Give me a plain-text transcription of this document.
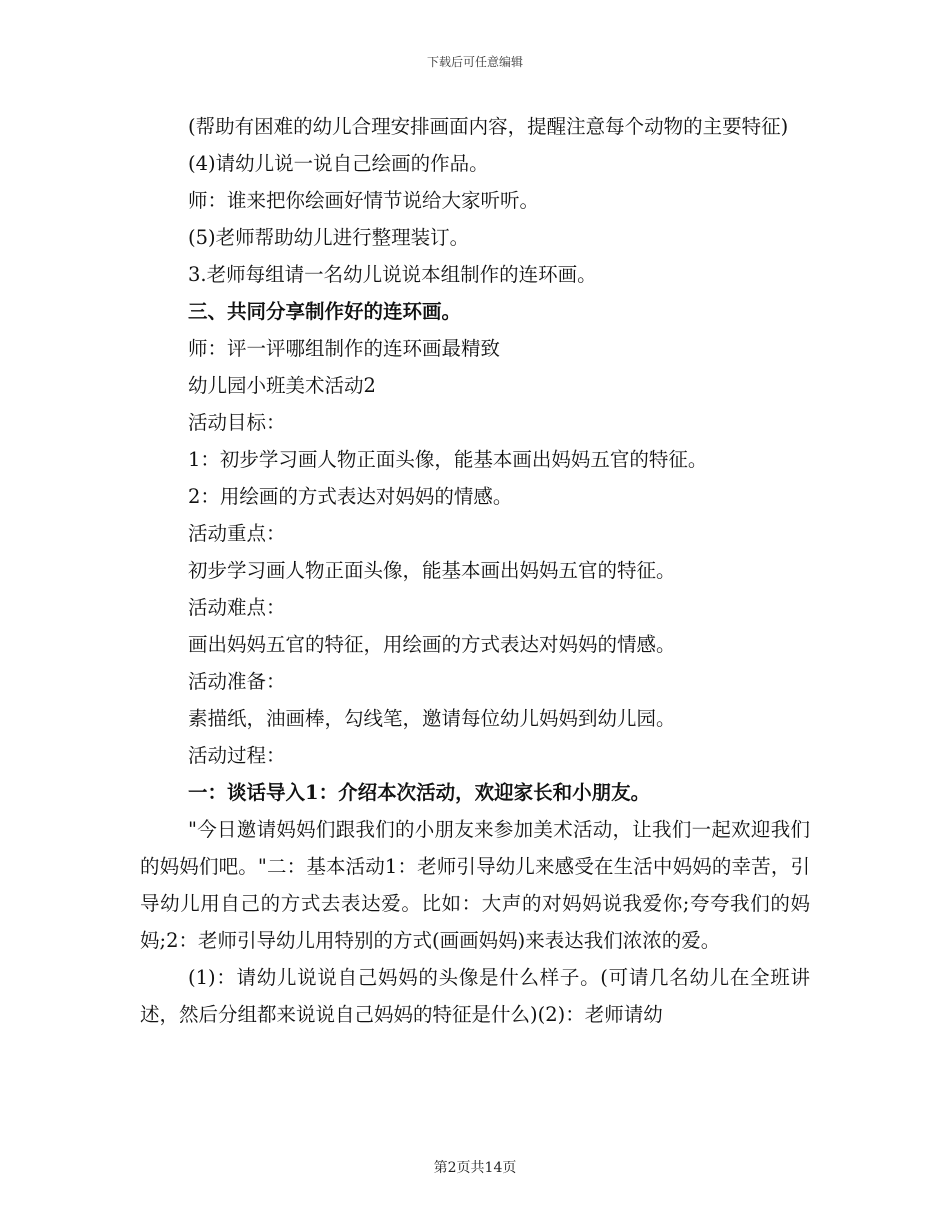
下载后可任意编辑
(帮助有困难的幼儿合理安排画面内容，提醒注意每个动物的主要特征)
(4)请幼儿说一说自己绘画的作品。
师：谁来把你绘画好情节说给大家听听。
(5)老师帮助幼儿进行整理装订。
3.老师每组请一名幼儿说说本组制作的连环画。
三、共同分享制作好的连环画。
师：评一评哪组制作的连环画最精致
幼儿园小班美术活动2
活动目标：
1：初步学习画人物正面头像，能基本画出妈妈五官的特征。
2：用绘画的方式表达对妈妈的情感。
活动重点：
初步学习画人物正面头像，能基本画出妈妈五官的特征。
活动难点：
画出妈妈五官的特征，用绘画的方式表达对妈妈的情感。
活动准备：
素描纸，油画棒，勾线笔，邀请每位幼儿妈妈到幼儿园。
活动过程：
一：谈话导入1：介绍本次活动，欢迎家长和小朋友。
"今日邀请妈妈们跟我们的小朋友来参加美术活动，让我们一起欢迎我们的妈妈们吧。"二：基本活动1：老师引导幼儿来感受在生活中妈妈的幸苦，引导幼儿用自己的方式去表达爱。比如：大声的对妈妈说我爱你;夸夸我们的妈妈;2：老师引导幼儿用特别的方式(画画妈妈)来表达我们浓浓的爱。
(1)：请幼儿说说自己妈妈的头像是什么样子。(可请几名幼儿在全班讲述，然后分组都来说说自己妈妈的特征是什么)(2)：老师请幼
第2页共14页
